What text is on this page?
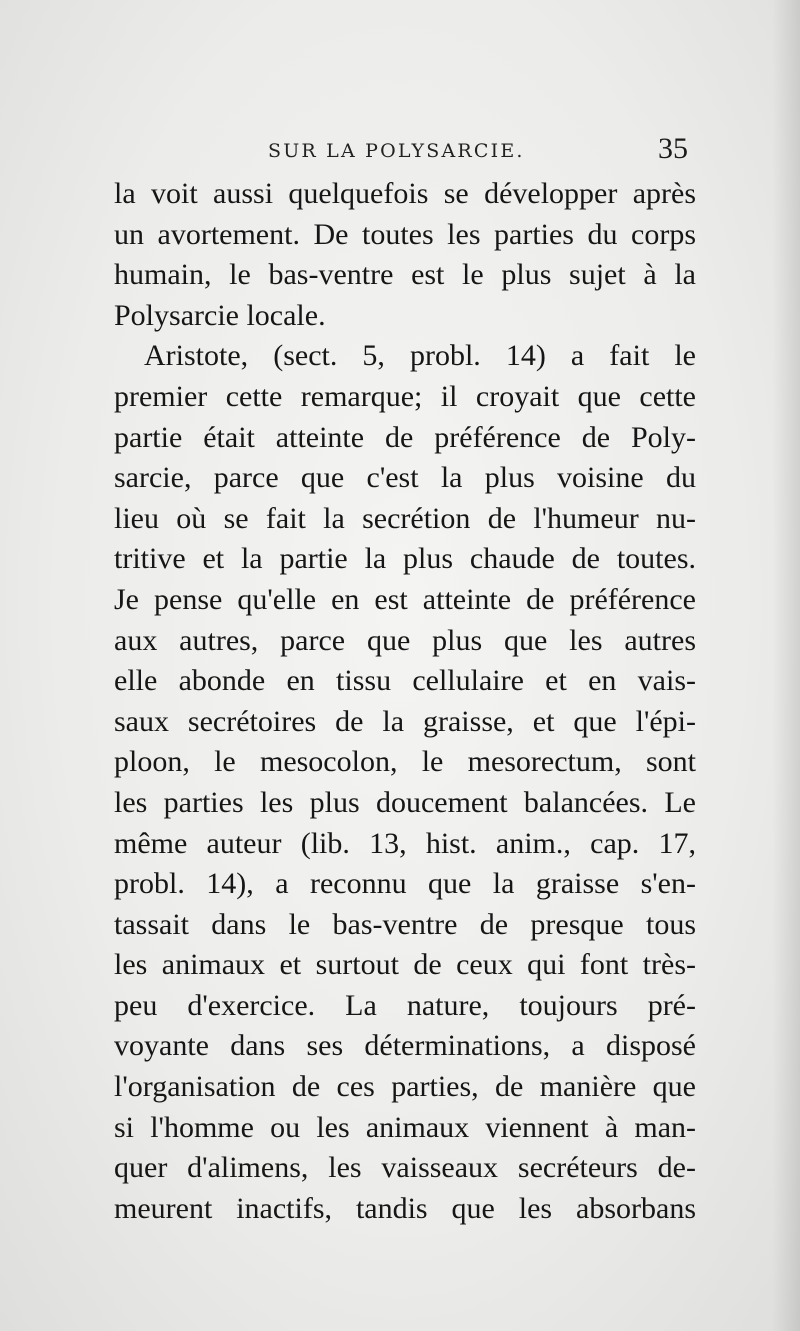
SUR LA POLYSARCIE.	35
la voit aussi quelquefois se développer après
un avortement. De toutes les parties du corps
humain, le bas-ventre est le plus sujet à la
Polysarcie locale.
Aristote, (sect. 5, probl. 14) a fait le
premier cette remarque; il croyait que cette
partie était atteinte de préférence de Poly-
sarcie, parce que c'est la plus voisine du
lieu où se fait la secrétion de l'humeur nu-
tritive et la partie la plus chaude de toutes.
Je pense qu'elle en est atteinte de préférence
aux autres, parce que plus que les autres
elle abonde en tissu cellulaire et en vais-
saux secrétoires de la graisse, et que l'épi-
ploon, le mesocolon, le mesorectum, sont
les parties les plus doucement balancées. Le
même auteur (lib. 13, hist. anim., cap. 17,
probl. 14), a reconnu que la graisse s'en-
tassait dans le bas-ventre de presque tous
les animaux et surtout de ceux qui font très-
peu d'exercice. La nature, toujours pré-
voyante dans ses déterminations, a disposé
l'organisation de ces parties, de manière que
si l'homme ou les animaux viennent à man-
quer d'alimens, les vaisseaux secréteurs de-
meurent inactifs, tandis que les absorbans
